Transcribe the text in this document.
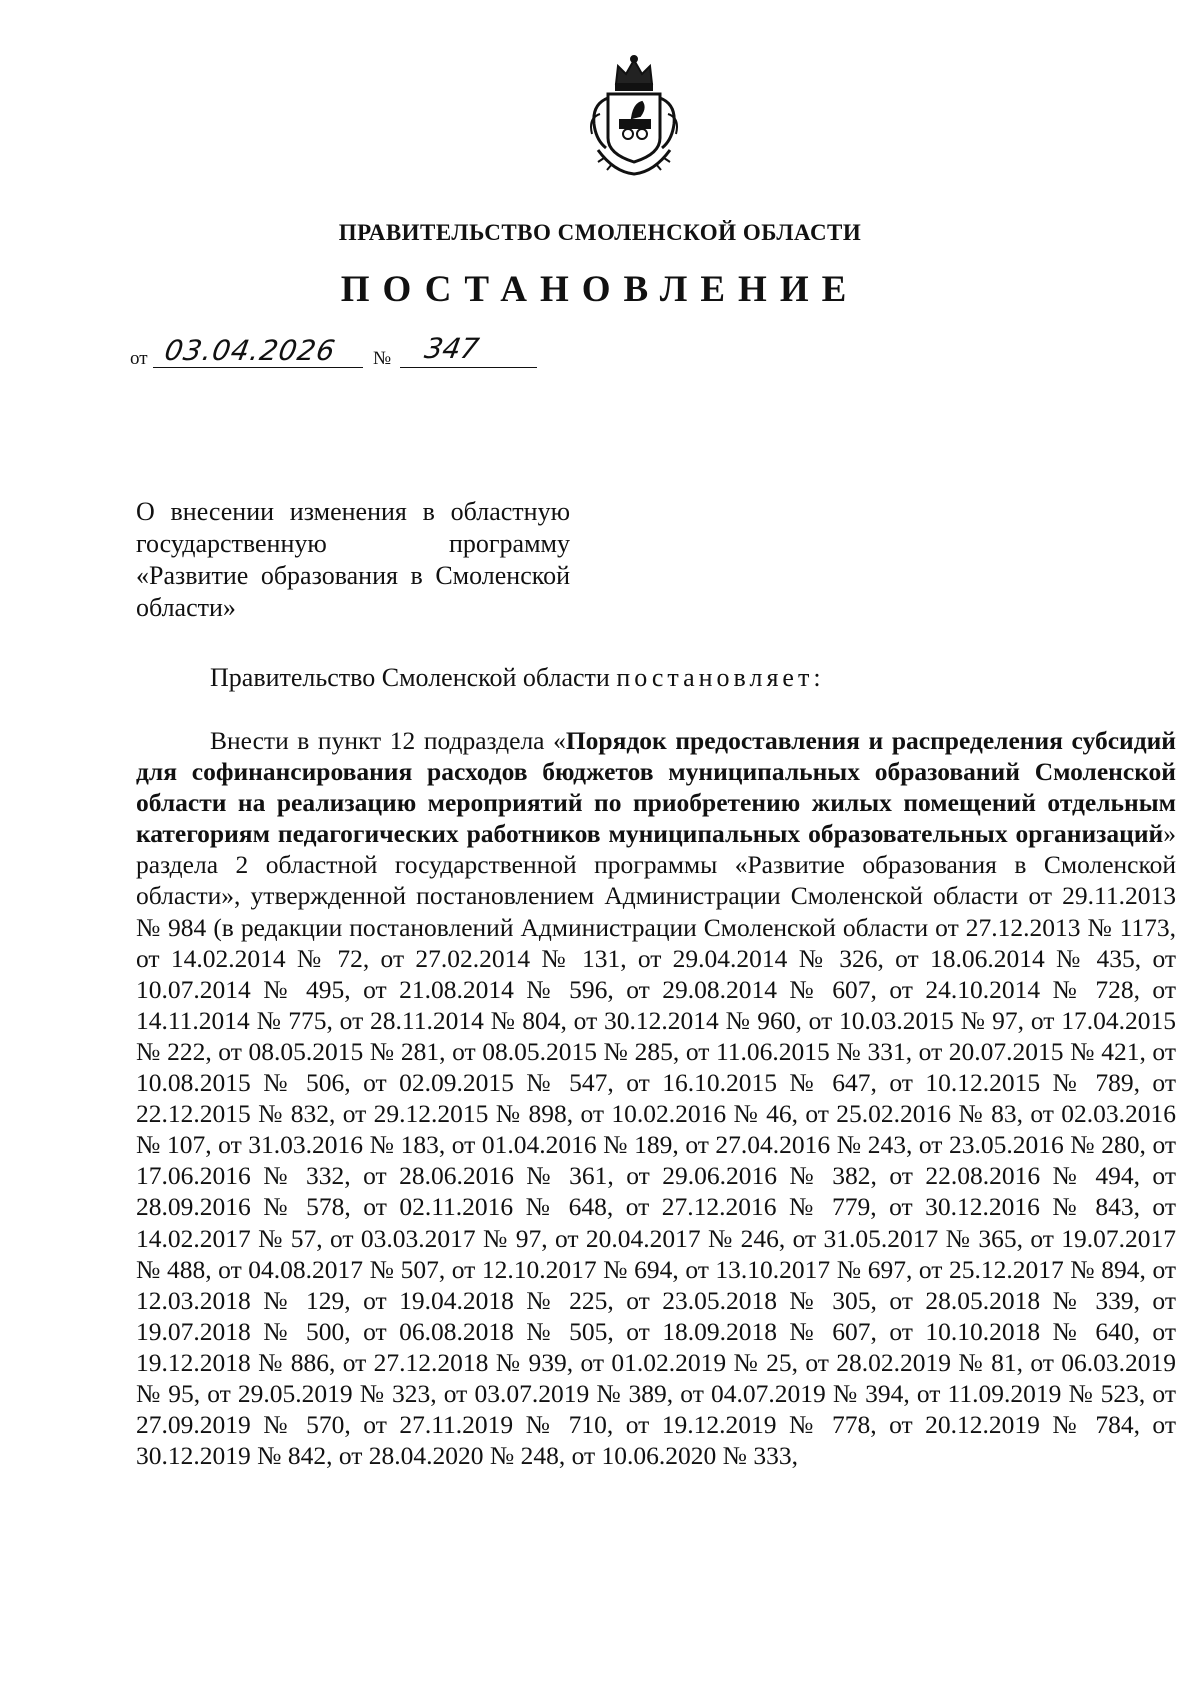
ПРАВИТЕЛЬСТВО СМОЛЕНСКОЙ ОБЛАСТИ
ПОСТАНОВЛЕНИЕ
от 03.04.2026 № 347
О внесении изменения в областную государственную программу «Развитие образования в Смоленской области»
Правительство Смоленской области постановляет:

Внести в пункт 12 подраздела «Порядок предоставления и распределения субсидий для софинансирования расходов бюджетов муниципальных образований Смоленской области на реализацию мероприятий по приобретению жилых помещений отдельным категориям педагогических работников муниципальных образовательных организаций» раздела 2 областной государственной программы «Развитие образования в Смоленской области», утвержденной постановлением Администрации Смоленской области от 29.11.2013 № 984 (в редакции постановлений Администрации Смоленской области от 27.12.2013 № 1173, от 14.02.2014 № 72, от 27.02.2014 № 131, от 29.04.2014 № 326, от 18.06.2014 № 435, от 10.07.2014 № 495, от 21.08.2014 № 596, от 29.08.2014 № 607, от 24.10.2014 № 728, от 14.11.2014 № 775, от 28.11.2014 № 804, от 30.12.2014 № 960, от 10.03.2015 № 97, от 17.04.2015 № 222, от 08.05.2015 № 281, от 08.05.2015 № 285, от 11.06.2015 № 331, от 20.07.2015 № 421, от 10.08.2015 № 506, от 02.09.2015 № 547, от 16.10.2015 № 647, от 10.12.2015 № 789, от 22.12.2015 № 832, от 29.12.2015 № 898, от 10.02.2016 № 46, от 25.02.2016 № 83, от 02.03.2016 № 107, от 31.03.2016 № 183, от 01.04.2016 № 189, от 27.04.2016 № 243, от 23.05.2016 № 280, от 17.06.2016 № 332, от 28.06.2016 № 361, от 29.06.2016 № 382, от 22.08.2016 № 494, от 28.09.2016 № 578, от 02.11.2016 № 648, от 27.12.2016 № 779, от 30.12.2016 № 843, от 14.02.2017 № 57, от 03.03.2017 № 97, от 20.04.2017 № 246, от 31.05.2017 № 365, от 19.07.2017 № 488, от 04.08.2017 № 507, от 12.10.2017 № 694, от 13.10.2017 № 697, от 25.12.2017 № 894, от 12.03.2018 № 129, от 19.04.2018 № 225, от 23.05.2018 № 305, от 28.05.2018 № 339, от 19.07.2018 № 500, от 06.08.2018 № 505, от 18.09.2018 № 607, от 10.10.2018 № 640, от 19.12.2018 № 886, от 27.12.2018 № 939, от 01.02.2019 № 25, от 28.02.2019 № 81, от 06.03.2019 № 95, от 29.05.2019 № 323, от 03.07.2019 № 389, от 04.07.2019 № 394, от 11.09.2019 № 523, от 27.09.2019 № 570, от 27.11.2019 № 710, от 19.12.2019 № 778, от 20.12.2019 № 784, от 30.12.2019 № 842, от 28.04.2020 № 248, от 10.06.2020 № 333,
